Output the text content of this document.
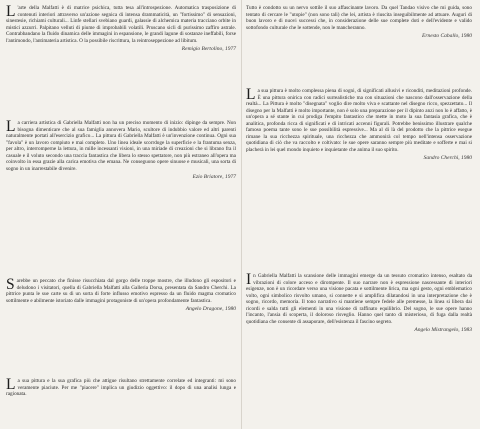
L 'arte della Malfatti è di matrice psichica, tutta tesa all'introspezione. Automatica trasposizione di contenuti interiori attraverso un'azione segnica di intensa drammaticità, un "fortissimo" di sensazioni, sinestesie, richiami culturali... Linfe stellari svebiano guardi, galassie di alchemica materia tracciano orbite in mistici azzurri. Palpitano velluti di piume di improbabili volatili. Pruscano sicli di purissimo zaffiro astrale. Contrabbandano la fluido dinamica delle immagini in espansione, le grandi lagune di sostanze ineffabili, forse l'antimondo, l'antimateria artistica. O la possibile riscrittura, la reintroseppezione ad libitum.

Remigio Bertolino, 1977

La carriera artistica di Gabriella Malfatti non ha un preciso momento di inizio: dipinge da sempre. Non bisogna dimenticare che al sua famiglia annovera Mario, scultore di indubbio valore ed altri parenti naturalmente portati all'esercizio grafico... La pittura di Gabriella Malfatti è un'invenzione continua. Ogni sua "favola" è un lavoro compiuto e mai completo. Uno linea ideale scorrdoge la superficie e la frantuma senza, per altro, interromperne la lettura, in mille incessanti visioni, in una miriade di creazioni che si librano fra il casuale e il voluto secondo una traccia fantastica che libera lo stesso spettatore, non più estraneo all'opera ma coinvolto in essa grazie alla carica emotiva che emana. Ne conseguono opere sinuose e musicali, una sorta di sogno in un inarrestabile divenire.

Ezio Briatore, 1977

Sarebbe un peccato che finisse risucchiata dal gorgo delle troppe mostre, che illudono gli espositori e deludono i visitatori, quella di Gabriella Malfatti alla Galleria Dorsa, presentata da Sandro Cherchi. La pittrice punta le sue carte su di un sorta di forte influsso emotivo espresso da un fluido magma cromatico sottilmente e abilmente istoriato dalle immagini protagoniste di un'opera profondamente fantastica.

Angelo Dragone, 1980

La sua pittura e la sua grafica più che attigue risultano strettamente correlate ed integranti: mi sono veramente piaciute. Per me "piacere" implica un giudizio oggettivo: il dopo di una analisi lunga e ragionata.

Tutto è condotto su un nervo sottile il suo affascinante lavoro. Da quel Tandao visivo che mi guida, sono tentato di cercare le "utopie" (non sono tali) che lei, artista è riuscita inseguibilmente ad attuare. Auguri di buon lavoro e di nuovi successi che, in considerazione delle sue complete doti e dell'evidente e valido sottofondo culturale che le sottende, non le mancheranno.

Ernesto Caballo, 1980

La sua pittura è molto complessa piena di sogni, di significati allusivi e riconditi, meditazioni profonde. È una pittura onirica con radici surrealistiche ma con situazioni che nascono dall'osservazione della realtà... La Pittura è molto "disegnata" voglio dire molto viva e scattante nel disegno ricco, spezzettato... Il disegno per la Malfatti è molto importante, non è solo una preparazione per il dipinto anzi non lo è affatto, è un'opera a sé stante in cui prodiga l'empito fantastico che mette in moto la sua fantasia grafica, che è analitica, profonda ricca di significati e di intricati accenni figurali. Potrebbe benissimo illustrare qualche famoso poema tante sono le sue possibilità espressive... Ma al di là del prodotto che la pittrice esegue rimane la sua ricchezza spirituale, una ricchezza che ammonirà col tempo nell'intensa osservazione quotidiana di ciò che va raccolto e coltivato: le sue opere saranno sempre più meditate e sofferte e mai si placherà in lei quel mondo inquieto e inquietante che anima il suo spirito.

Sandro Cherchi, 1980

In Gabriella Malfatti la scansione delle immagini emerge da un tessuto cromatico intenso, esaltato da vibrazioni di colore acceso e dirompente. Il suo narrare non è espressione nascessante di interiori esigenze, non è un ricordare verso una visione pacata e sottilmente lirica, ma ogni gesto, ogni emblematico volto, ogni simbolico risvolto umano, si connette e si amplifica dilatandosi in una interpretazione che è sogno, ricordo, memoria. Il tono narrativo si mantiene sempre fedele alle premesse, la linea si libera dai ricordi e salda tutti gli elementi in una visione di raffinato equilibrio. Del sogno, le sue opere hanno l'incanto, l'ansia di scoperta, il doloroso risveglio. Hanno quel tanto di misterioso, di fuga dalla realtà quotidiana che consente di assaporare, dell'esistenza il fascino segreto.

Angelo Mistrangelo, 1983
